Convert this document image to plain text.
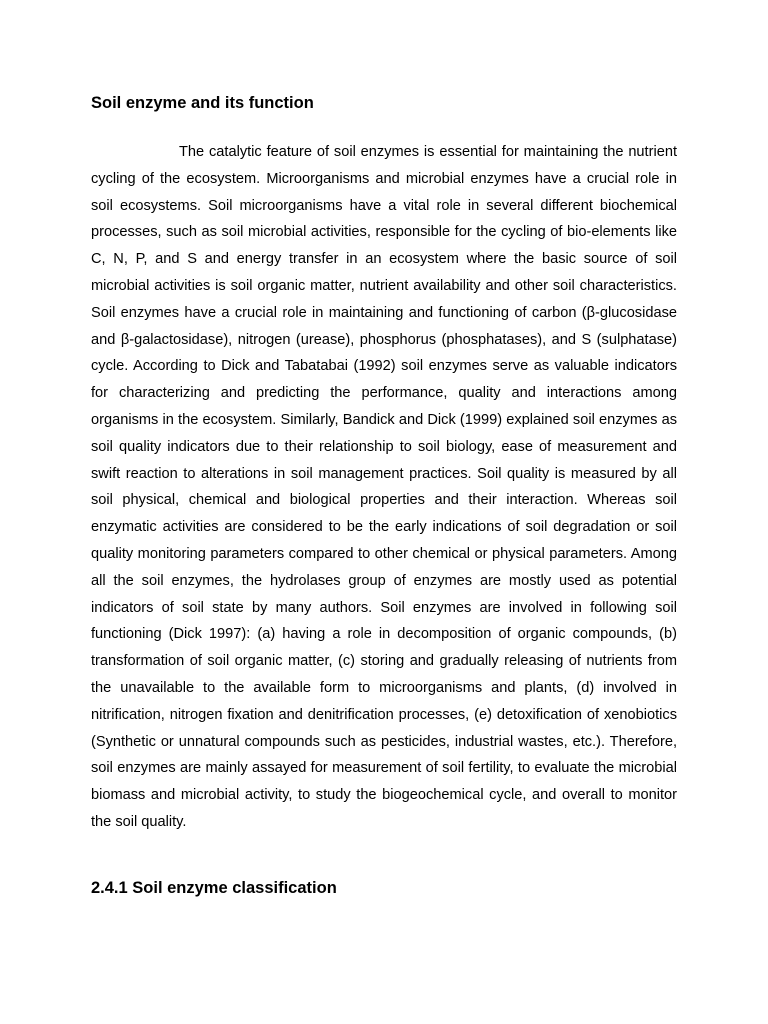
Soil enzyme and its function

The catalytic feature of soil enzymes is essential for maintaining the nutrient cycling of the ecosystem. Microorganisms and microbial enzymes have a crucial role in soil ecosystems. Soil microorganisms have a vital role in several different biochemical processes, such as soil microbial activities, responsible for the cycling of bio-elements like C, N, P, and S and energy transfer in an ecosystem where the basic source of soil microbial activities is soil organic matter, nutrient availability and other soil characteristics. Soil enzymes have a crucial role in maintaining and functioning of carbon (β-glucosidase and β-galactosidase), nitrogen (urease), phosphorus (phosphatases), and S (sulphatase) cycle. According to Dick and Tabatabai (1992) soil enzymes serve as valuable indicators for characterizing and predicting the performance, quality and interactions among organisms in the ecosystem. Similarly, Bandick and Dick (1999) explained soil enzymes as soil quality indicators due to their relationship to soil biology, ease of measurement and swift reaction to alterations in soil management practices. Soil quality is measured by all soil physical, chemical and biological properties and their interaction. Whereas soil enzymatic activities are considered to be the early indications of soil degradation or soil quality monitoring parameters compared to other chemical or physical parameters. Among all the soil enzymes, the hydrolases group of enzymes are mostly used as potential indicators of soil state by many authors. Soil enzymes are involved in following soil functioning (Dick 1997): (a) having a role in decomposition of organic compounds, (b) transformation of soil organic matter, (c) storing and gradually releasing of nutrients from the unavailable to the available form to microorganisms and plants, (d) involved in nitrification, nitrogen fixation and denitrification processes, (e) detoxification of xenobiotics (Synthetic or unnatural compounds such as pesticides, industrial wastes, etc.). Therefore, soil enzymes are mainly assayed for measurement of soil fertility, to evaluate the microbial biomass and microbial activity, to study the biogeochemical cycle, and overall to monitor the soil quality.

2.4.1 Soil enzyme classification
